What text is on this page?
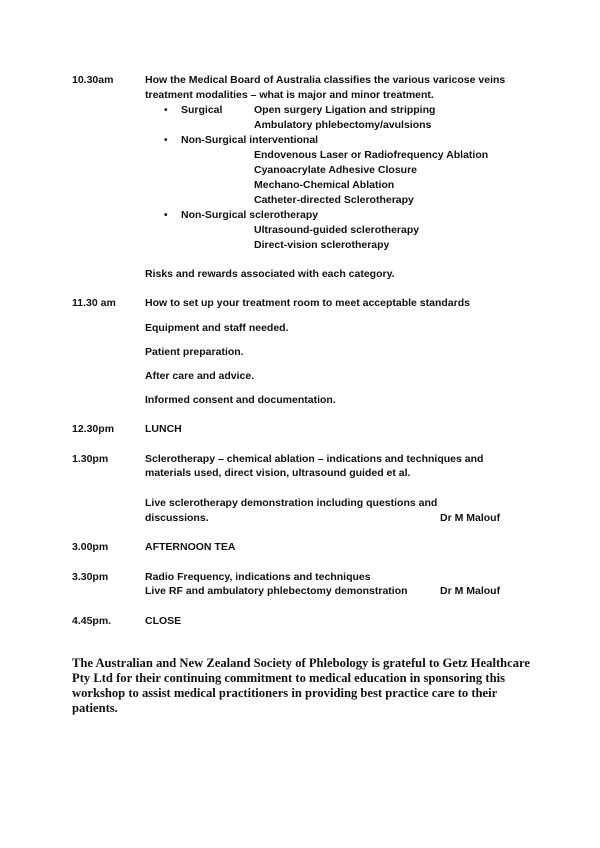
10.30am	How the Medical Board of Australia classifies the various varicose veins
treatment modalities – what is major and minor treatment.
• Surgical	Open surgery Ligation and stripping
Ambulatory phlebectomy/avulsions
• Non-Surgical interventional
Endovenous Laser or Radiofrequency Ablation
Cyanoacrylate Adhesive Closure
Mechano-Chemical Ablation
Catheter-directed Sclerotherapy
• Non-Surgical sclerotherapy
Ultrasound-guided sclerotherapy
Direct-vision sclerotherapy
Risks and rewards associated with each category.
11.30 am	How to set up your treatment room to meet acceptable standards
Equipment and staff needed.
Patient preparation.
After care and advice.
Informed consent and documentation.
12.30pm	LUNCH
1.30pm	Sclerotherapy – chemical ablation – indications and techniques and
materials used, direct vision, ultrasound guided et al.
Live sclerotherapy demonstration including questions and
discussions.	Dr M Malouf
3.00pm	AFTERNOON TEA
3.30pm	Radio Frequency, indications and techniques
Live RF and ambulatory phlebectomy demonstration	Dr M Malouf
4.45pm.	CLOSE
The Australian and New Zealand Society of Phlebology is grateful to Getz Healthcare
Pty Ltd for their continuing commitment to medical education in sponsoring this
workshop to assist medical practitioners in providing best practice care to their
patients.
